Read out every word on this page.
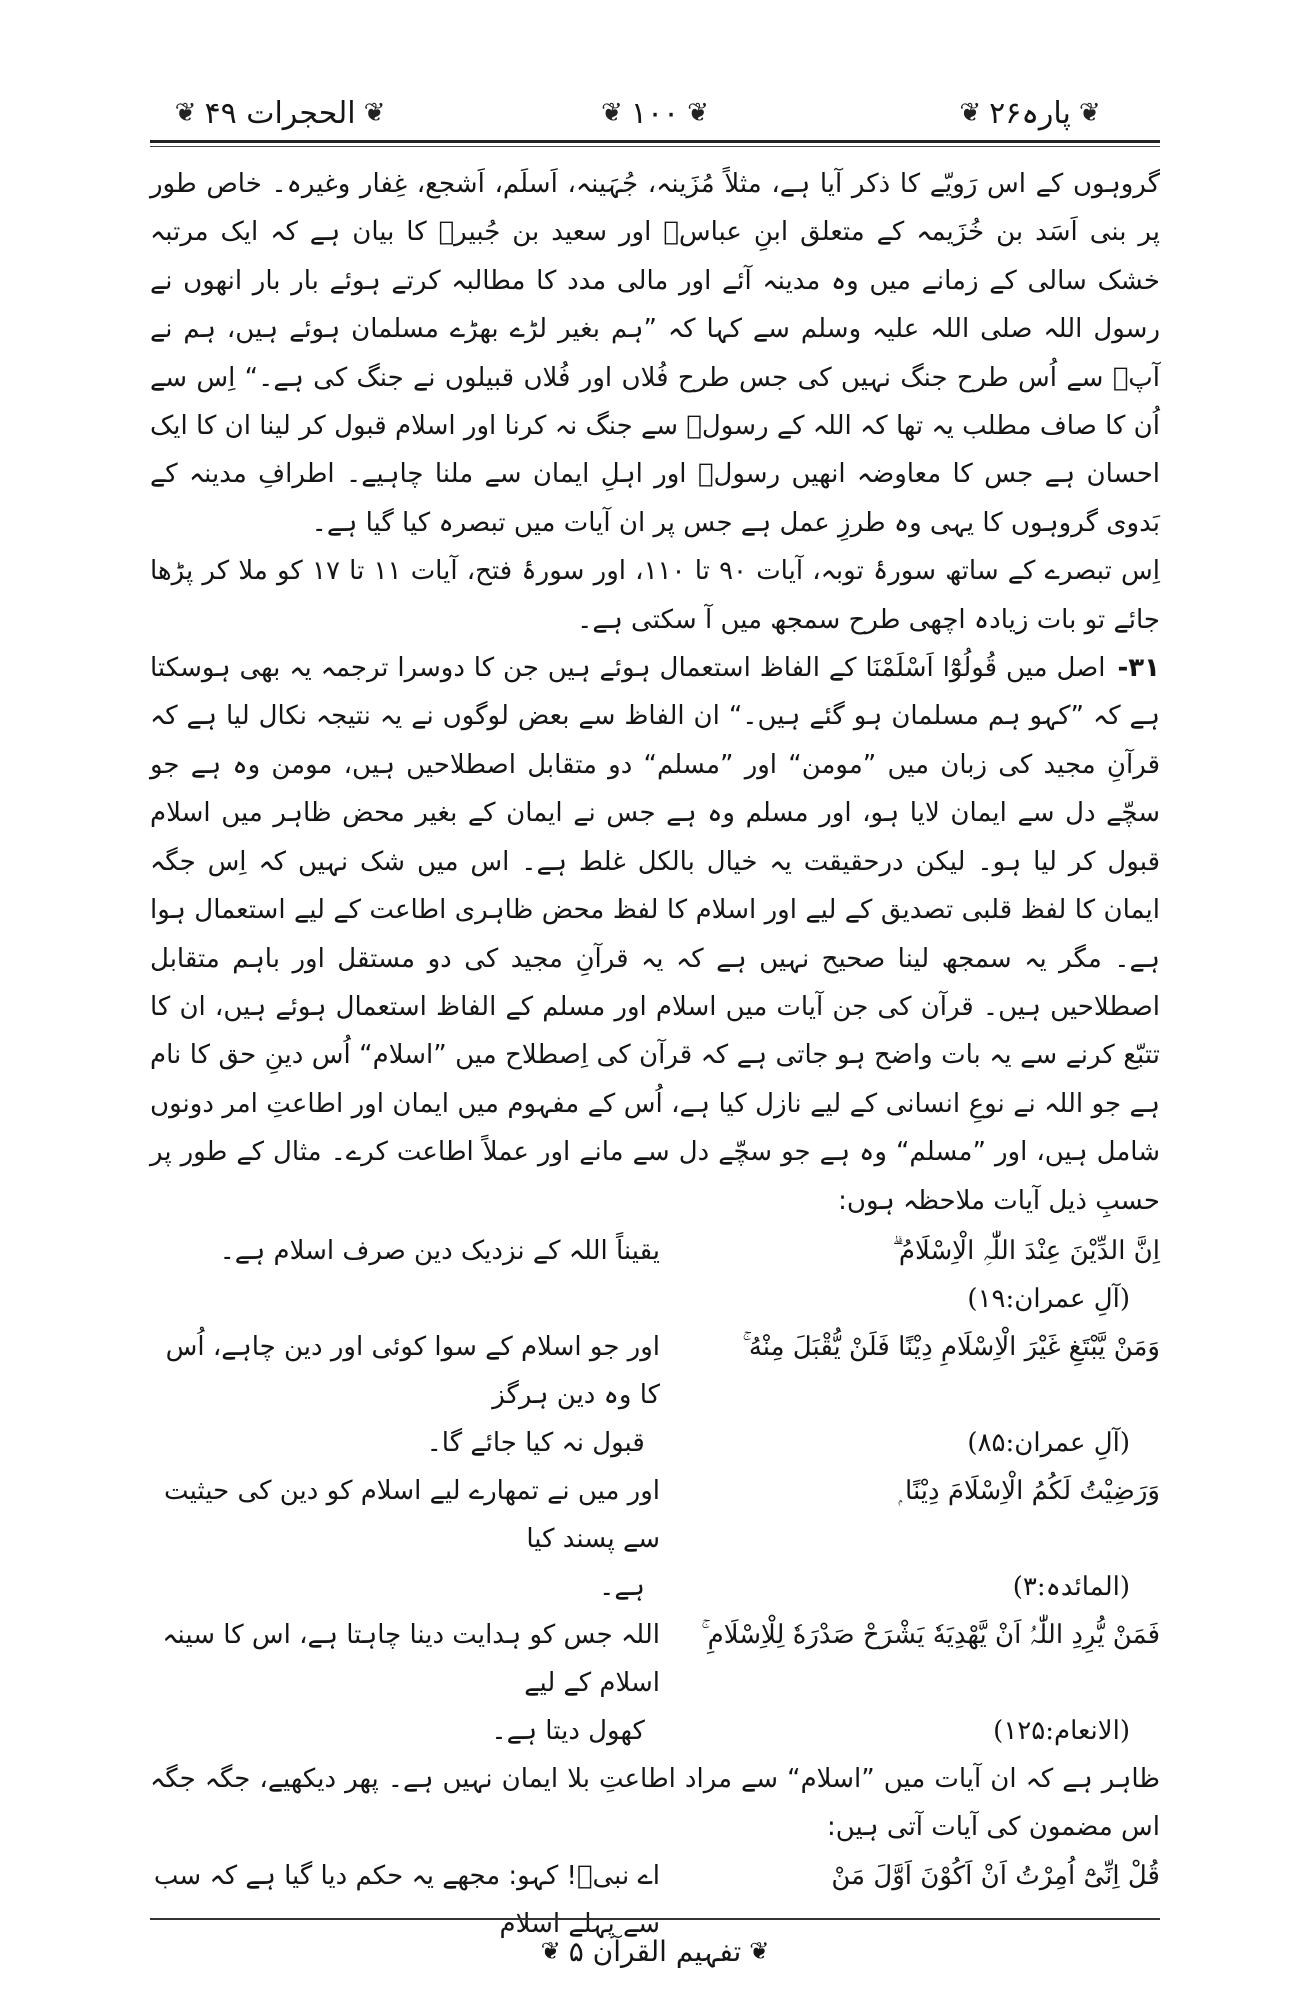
❦
الحجرات ۴۹
❦	❦
۱۰۰
❦	❦
پارہ۲۶
❦

گروہوں کے اس رَویّے کا ذکر آیا ہے، مثلاً مُزَینہ، جُہَینہ، اَسلَم، اَشجع، غِفار وغیرہ۔ خاص طور پر بنی اَسَد بن خُزَیمہ کے متعلق ابنِ عباسؓ اور سعید بن جُبیرؒ کا بیان ہے کہ ایک مرتبہ خشک سالی کے زمانے میں وہ مدینہ آئے اور مالی مدد کا مطالبہ کرتے ہوئے بار بار انھوں نے رسول اللہ صلی اللہ علیہ وسلم سے کہا کہ ”ہم بغیر لڑے بھڑے مسلمان ہوئے ہیں، ہم نے آپؐ سے اُس طرح جنگ نہیں کی جس طرح فُلاں اور فُلاں قبیلوں نے جنگ کی ہے۔“ اِس سے اُن کا صاف مطلب یہ تھا کہ اللہ کے رسولؐ سے جنگ نہ کرنا اور اسلام قبول کر لینا ان کا ایک احسان ہے جس کا معاوضہ انھیں رسولؐ اور اہلِ ایمان سے ملنا چاہیے۔ اطرافِ مدینہ کے بَدوی گروہوں کا یہی وہ طرزِ عمل ہے جس پر ان آیات میں تبصرہ کیا گیا ہے۔

اِس تبصرے کے ساتھ سورۂ توبہ، آیات ۹۰ تا ۱۱۰، اور سورۂ فتح، آیات ۱۱ تا ۱۷ کو ملا کر پڑھا جائے تو بات زیادہ اچھی طرح سمجھ میں آ سکتی ہے۔

۳۱-اصل میں قُولُوْٓا اَسْلَمْنَا کے الفاظ استعمال ہوئے ہیں جن کا دوسرا ترجمہ یہ بھی ہوسکتا ہے کہ ”کہو ہم مسلمان ہو گئے ہیں۔“ ان الفاظ سے بعض لوگوں نے یہ نتیجہ نکال لیا ہے کہ قرآنِ مجید کی زبان میں ”مومن“ اور ”مسلم“ دو متقابل اصطلاحیں ہیں، مومن وہ ہے جو سچّے دل سے ایمان لایا ہو، اور مسلم وہ ہے جس نے ایمان کے بغیر محض ظاہر میں اسلام قبول کر لیا ہو۔ لیکن درحقیقت یہ خیال بالکل غلط ہے۔ اس میں شک نہیں کہ اِس جگہ ایمان کا لفظ قلبی تصدیق کے لیے اور اسلام کا لفظ محض ظاہری اطاعت کے لیے استعمال ہوا ہے۔ مگر یہ سمجھ لینا صحیح نہیں ہے کہ یہ قرآنِ مجید کی دو مستقل اور باہم متقابل اصطلاحیں ہیں۔ قرآن کی جن آیات میں اسلام اور مسلم کے الفاظ استعمال ہوئے ہیں، ان کا تتبّع کرنے سے یہ بات واضح ہو جاتی ہے کہ قرآن کی اِصطلاح میں ”اسلام“ اُس دینِ حق کا نام ہے جو اللہ نے نوعِ انسانی کے لیے نازل کیا ہے، اُس کے مفہوم میں ایمان اور اطاعتِ امر دونوں شامل ہیں، اور ”مسلم“ وہ ہے جو سچّے دل سے مانے اور عملاً اطاعت کرے۔ مثال کے طور پر حسبِ ذیل آیات ملاحظہ ہوں:

اِنَّ الدِّیْنَ عِنْدَ اللّٰہِ الْاِسْلَامُ ۗ
یقیناً اللہ کے نزدیک دین صرف اسلام ہے۔
(آلِ عمران:۱۹)
وَمَنْ یَّبْتَغِ غَیْرَ الْاِسْلَامِ دِیْنًا فَلَنْ یُّقْبَلَ مِنْهُ ۚ
اور جو اسلام کے سوا کوئی اور دین چاہے، اُس کا وہ دین ہرگز
(آلِ عمران:۸۵)
قبول نہ کیا جائے گا۔
وَرَضِیْتُ لَكُمُ الْاِسْلَامَ دِیْنًا ۭ
اور میں نے تمھارے لیے اسلام کو دین کی حیثیت سے پسند کیا
(المائدہ:۳)
ہے۔
فَمَنْ یُّرِدِ اللّٰہُ اَنْ یَّھْدِیَهٗ یَشْرَحْ صَدْرَهٗ لِلْاِسْلَامِ ۚ
اللہ جس کو ہدایت دینا چاہتا ہے، اس کا سینہ اسلام کے لیے
(الانعام:۱۲۵)
کھول دیتا ہے۔

ظاہر ہے کہ ان آیات میں ”اسلام“ سے مراد اطاعتِ بلا ایمان نہیں ہے۔ پھر دیکھیے، جگہ جگہ اس مضمون کی آیات آتی ہیں:

قُلْ اِنِّیْٓ اُمِرْتُ اَنْ اَكُوْنَ اَوَّلَ مَنْ
اے نبیؐ! کہو: مجھے یہ حکم دیا گیا ہے کہ سب سے پہلے اسلام
❦
تفہیم القرآن ۵
❦
